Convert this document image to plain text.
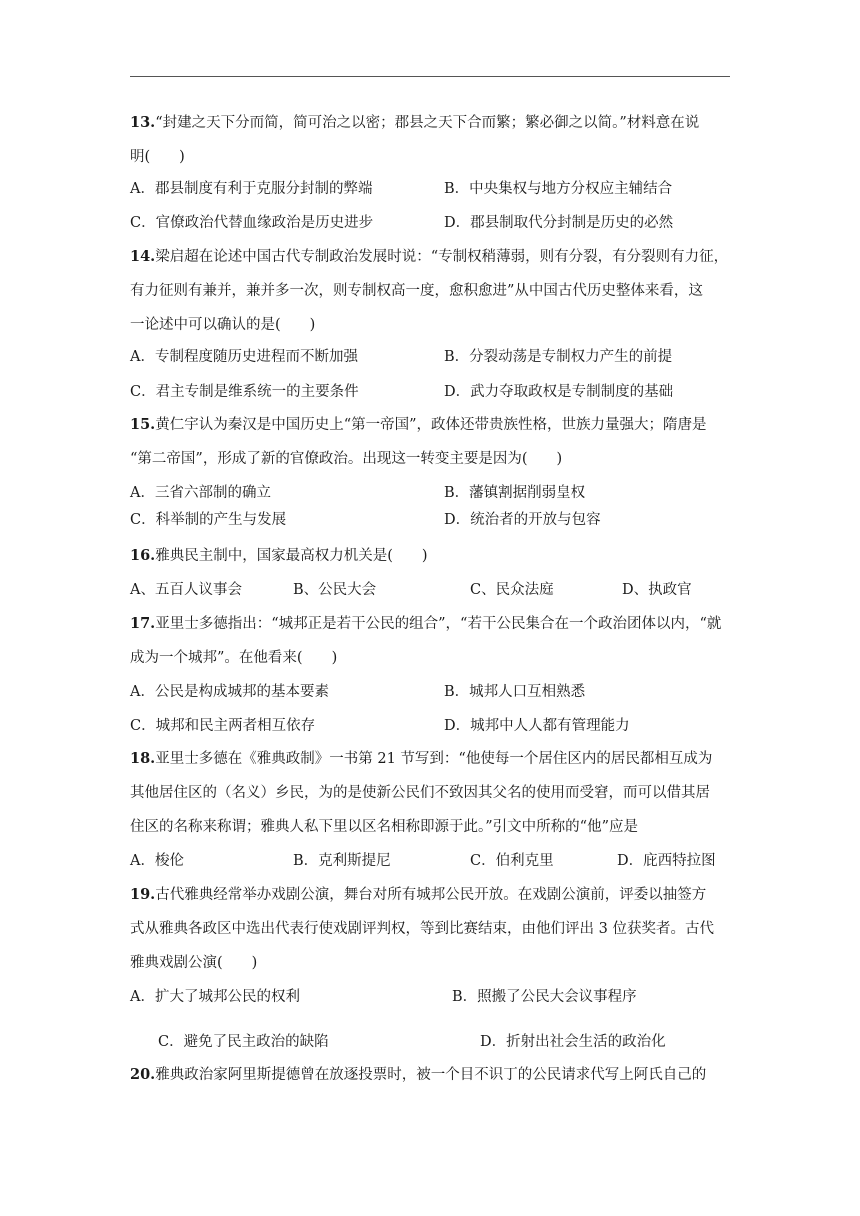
13.“封建之天下分而简，简可治之以密；郡县之天下合而繁；繁必御之以简。”材料意在说
明(　　)
A．郡县制度有利于克服分封制的弊端	B．中央集权与地方分权应主辅结合
C．官僚政治代替血缘政治是历史进步	D．郡县制取代分封制是历史的必然
14.梁启超在论述中国古代专制政治发展时说：“专制权稍薄弱，则有分裂，有分裂则有力征，
有力征则有兼并，兼并多一次，则专制权高一度，愈积愈进”从中国古代历史整体来看，这
一论述中可以确认的是(　　)
A．专制程度随历史进程而不断加强	B．分裂动荡是专制权力产生的前提
C．君主专制是维系统一的主要条件	D．武力夺取政权是专制制度的基础
15.黄仁宇认为秦汉是中国历史上“第一帝国”，政体还带贵族性格，世族力量强大；隋唐是
“第二帝国”，形成了新的官僚政治。出现这一转变主要是因为(　　)
A．三省六部制的确立	B．藩镇割据削弱皇权
C．科举制的产生与发展	D．统治者的开放与包容
16.雅典民主制中，国家最高权力机关是(　　)
A、五百人议事会	B、公民大会	C、民众法庭	D、执政官
17.亚里士多德指出：“城邦正是若干公民的组合”，“若干公民集合在一个政治团体以内，“就
成为一个城邦”。在他看来(　　)
A．公民是构成城邦的基本要素	B．城邦人口互相熟悉
C．城邦和民主两者相互依存	D．城邦中人人都有管理能力
18.亚里士多德在《雅典政制》一书第 21 节写到：“他使每一个居住区内的居民都相互成为
其他居住区的（名义）乡民，为的是使新公民们不致因其父名的使用而受窘，而可以借其居
住区的名称来称谓；雅典人私下里以区名相称即源于此。”引文中所称的“他”应是
A．梭伦	B．克利斯提尼	C．伯利克里	D．庇西特拉图
19.古代雅典经常举办戏剧公演，舞台对所有城邦公民开放。在戏剧公演前，评委以抽签方
式从雅典各政区中选出代表行使戏剧评判权，等到比赛结束，由他们评出 3 位获奖者。古代
雅典戏剧公演(　　)
A．扩大了城邦公民的权利	B．照搬了公民大会议事程序
C．避免了民主政治的缺陷	D．折射出社会生活的政治化
20.雅典政治家阿里斯提德曾在放逐投票时，被一个目不识丁的公民请求代写上阿氏自己的
